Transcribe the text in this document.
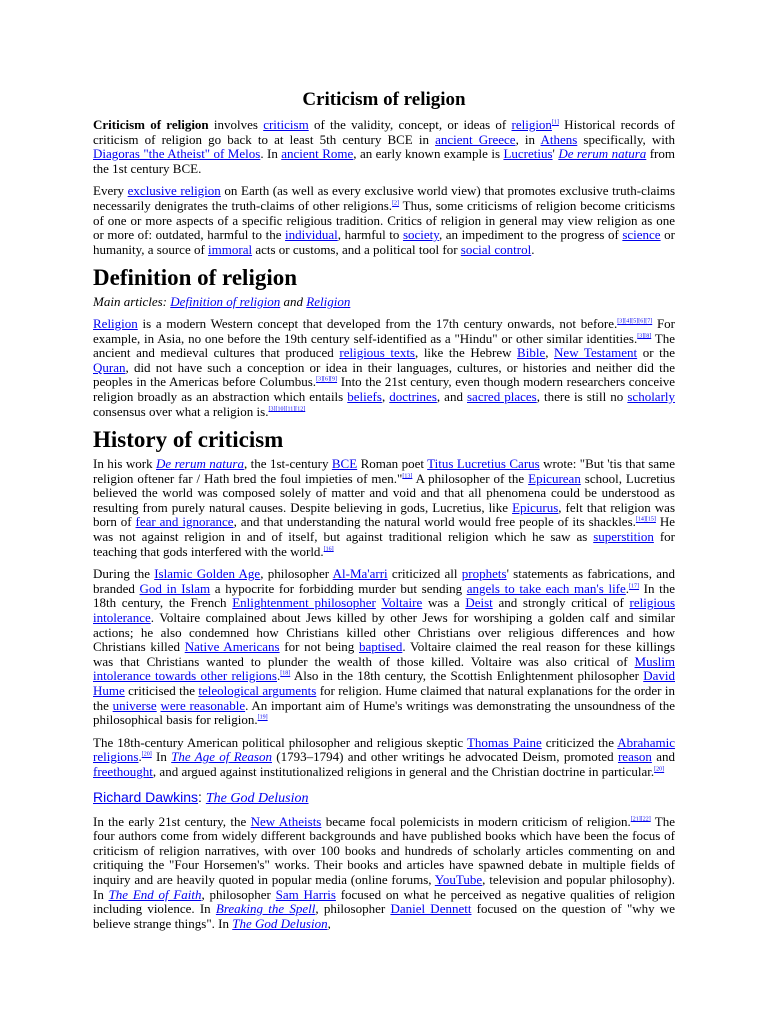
Criticism of religion

Criticism of religion involves criticism of the validity, concept, or ideas of religion[1] Historical records of criticism of religion go back to at least 5th century BCE in ancient Greece, in Athens specifically, with Diagoras "the Atheist" of Melos. In ancient Rome, an early known example is Lucretius' De rerum natura from the 1st century BCE.

Every exclusive religion on Earth (as well as every exclusive world view) that promotes exclusive truth-claims necessarily denigrates the truth-claims of other religions.[2] Thus, some criticisms of religion become criticisms of one or more aspects of a specific religious tradition. Critics of religion in general may view religion as one or more of: outdated, harmful to the individual, harmful to society, an impediment to the progress of science or humanity, a source of immoral acts or customs, and a political tool for social control.

Definition of religion
Main articles: Definition of religion and Religion

Religion is a modern Western concept that developed from the 17th century onwards, not before.[3][4][5][6][7] For example, in Asia, no one before the 19th century self-identified as a "Hindu" or other similar identities.[3][8] The ancient and medieval cultures that produced religious texts, like the Hebrew Bible, New Testament or the Quran, did not have such a conception or idea in their languages, cultures, or histories and neither did the peoples in the Americas before Columbus.[3][6][9] Into the 21st century, even though modern researchers conceive religion broadly as an abstraction which entails beliefs, doctrines, and sacred places, there is still no scholarly consensus over what a religion is.[3][10][11][12]

History of criticism

In his work De rerum natura, the 1st-century BCE Roman poet Titus Lucretius Carus wrote: "But 'tis that same religion oftener far / Hath bred the foul impieties of men."[13] A philosopher of the Epicurean school, Lucretius believed the world was composed solely of matter and void and that all phenomena could be understood as resulting from purely natural causes. Despite believing in gods, Lucretius, like Epicurus, felt that religion was born of fear and ignorance, and that understanding the natural world would free people of its shackles.[14][15] He was not against religion in and of itself, but against traditional religion which he saw as superstition for teaching that gods interfered with the world.[16]

During the Islamic Golden Age, philosopher Al-Ma'arri criticized all prophets' statements as fabrications, and branded God in Islam a hypocrite for forbidding murder but sending angels to take each man's life.[17] In the 18th century, the French Enlightenment philosopher Voltaire was a Deist and strongly critical of religious intolerance. Voltaire complained about Jews killed by other Jews for worshiping a golden calf and similar actions; he also condemned how Christians killed other Christians over religious differences and how Christians killed Native Americans for not being baptised. Voltaire claimed the real reason for these killings was that Christians wanted to plunder the wealth of those killed. Voltaire was also critical of Muslim intolerance towards other religions.[18] Also in the 18th century, the Scottish Enlightenment philosopher David Hume criticised the teleological arguments for religion. Hume claimed that natural explanations for the order in the universe were reasonable. An important aim of Hume's writings was demonstrating the unsoundness of the philosophical basis for religion.[19]

The 18th-century American political philosopher and religious skeptic Thomas Paine criticized the Abrahamic religions.[20] In The Age of Reason (1793–1794) and other writings he advocated Deism, promoted reason and freethought, and argued against institutionalized religions in general and the Christian doctrine in particular.[20]

Richard Dawkins: The God Delusion

In the early 21st century, the New Atheists became focal polemicists in modern criticism of religion.[21][22] The four authors come from widely different backgrounds and have published books which have been the focus of criticism of religion narratives, with over 100 books and hundreds of scholarly articles commenting on and critiquing the "Four Horsemen's" works. Their books and articles have spawned debate in multiple fields of inquiry and are heavily quoted in popular media (online forums, YouTube, television and popular philosophy). In The End of Faith, philosopher Sam Harris focused on what he perceived as negative qualities of religion including violence. In Breaking the Spell, philosopher Daniel Dennett focused on the question of "why we believe strange things". In The God Delusion,
